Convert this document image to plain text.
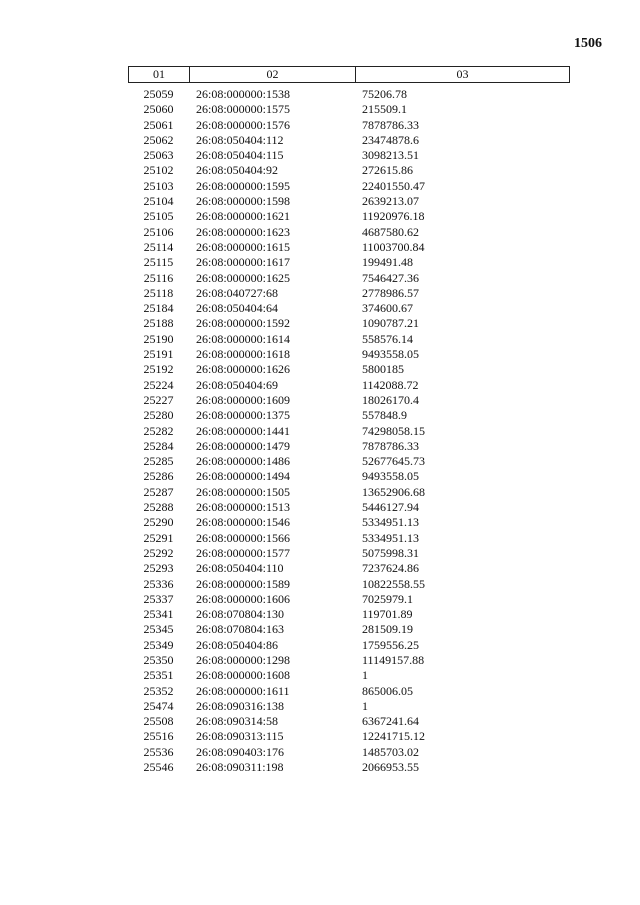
1506
01	02	03
25059	26:08:000000:1538	75206.78
25060	26:08:000000:1575	215509.1
25061	26:08:000000:1576	7878786.33
25062	26:08:050404:112	23474878.6
25063	26:08:050404:115	3098213.51
25102	26:08:050404:92	272615.86
25103	26:08:000000:1595	22401550.47
25104	26:08:000000:1598	2639213.07
25105	26:08:000000:1621	11920976.18
25106	26:08:000000:1623	4687580.62
25114	26:08:000000:1615	11003700.84
25115	26:08:000000:1617	199491.48
25116	26:08:000000:1625	7546427.36
25118	26:08:040727:68	2778986.57
25184	26:08:050404:64	374600.67
25188	26:08:000000:1592	1090787.21
25190	26:08:000000:1614	558576.14
25191	26:08:000000:1618	9493558.05
25192	26:08:000000:1626	5800185
25224	26:08:050404:69	1142088.72
25227	26:08:000000:1609	18026170.4
25280	26:08:000000:1375	557848.9
25282	26:08:000000:1441	74298058.15
25284	26:08:000000:1479	7878786.33
25285	26:08:000000:1486	52677645.73
25286	26:08:000000:1494	9493558.05
25287	26:08:000000:1505	13652906.68
25288	26:08:000000:1513	5446127.94
25290	26:08:000000:1546	5334951.13
25291	26:08:000000:1566	5334951.13
25292	26:08:000000:1577	5075998.31
25293	26:08:050404:110	7237624.86
25336	26:08:000000:1589	10822558.55
25337	26:08:000000:1606	7025979.1
25341	26:08:070804:130	119701.89
25345	26:08:070804:163	281509.19
25349	26:08:050404:86	1759556.25
25350	26:08:000000:1298	11149157.88
25351	26:08:000000:1608	1
25352	26:08:000000:1611	865006.05
25474	26:08:090316:138	1
25508	26:08:090314:58	6367241.64
25516	26:08:090313:115	12241715.12
25536	26:08:090403:176	1485703.02
25546	26:08:090311:198	2066953.55
